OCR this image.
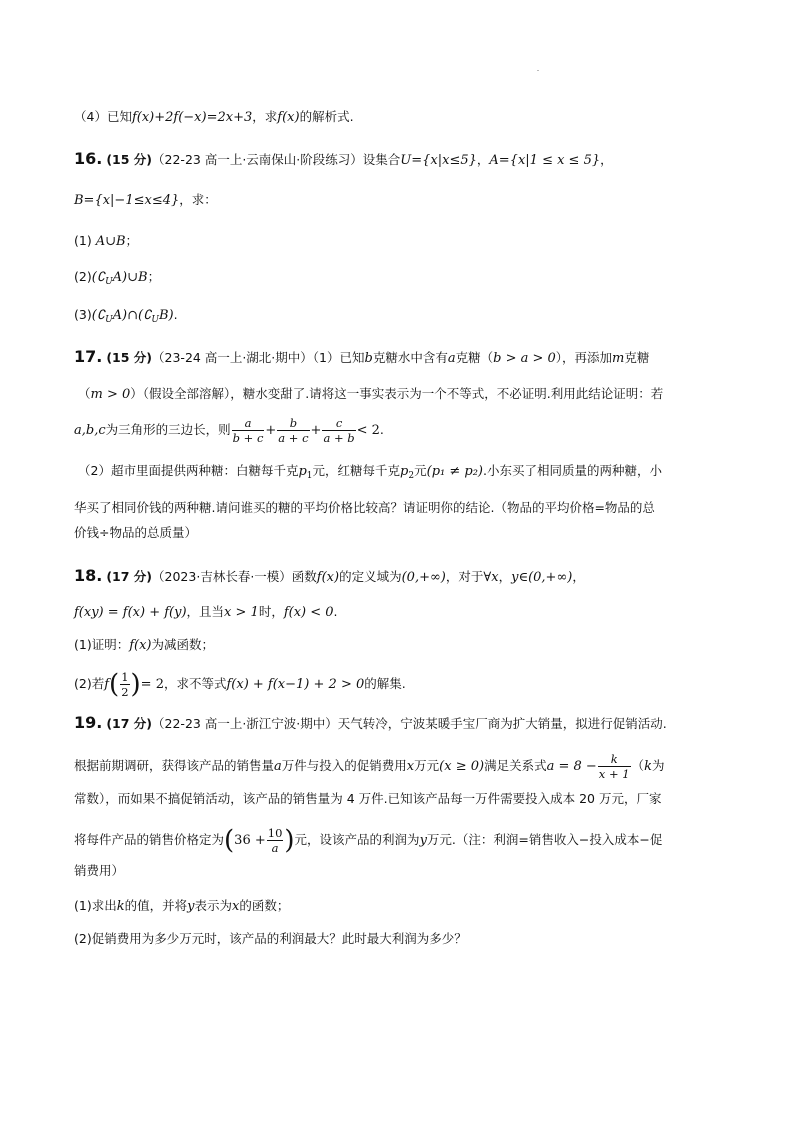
（4）已知f(x)+2f(−x)=2x+3，求f(x)的解析式.
16. (15 分)（22-23 高一上·云南保山·阶段练习）设集合U={x|x≤5}，A={x|1 ≤ x ≤ 5}，
B={x|−1≤x≤4}，求：
(1) A∪B；
$(2)(∁_UA)\cup B$；
$(3)(∁_UA)\cap(∁_UB)$.
17. (15 分)（23-24 高一上·湖北·期中）（1）已知b克糖水中含有a克糖（b > a > 0），再添加m克糖
（m > 0）（假设全部溶解），糖水变甜了.请将这一事实表示为一个不等式，不必证明.利用此结论证明：若
a,b,c为三角形的三边长，则 $\frac{a}{b + c} + \frac{b}{a + c} + \frac{c}{a + b} < 2$.
（2）超市里面提供两种糖：白糖每千克$p_1$元，红糖每千克$p_2$元(p₁ ≠ p₂).小东买了相同质量的两种糖，小
华买了相同价钱的两种糖.请问谁买的糖的平均价格比较高？请证明你的结论.（物品的平均价格=物品的总
价钱÷物品的总质量）
18. (17 分)（2023·吉林长春·一模）函数f(x)的定义域为(0,+∞)，对于∀x，y∈(0,+∞)，
f(xy) = f(x) + f(y)，且当x > 1时，f(x) < 0.
(1)证明：f(x)为减函数；
(2)若$f( \frac{1}{2}$ )= 2，求不等式f(x) + f(x−1) + 2 > 0的解集.
19. (17 分)（22-23 高一上·浙江宁波·期中）天气转冷，宁波某暖手宝厂商为扩大销量，拟进行促销活动.
根据前期调研，获得该产品的销售量a万件与投入的促销费用x万元(x ≥ 0)满足关系式$a = 8 - \frac{k}{x + 1} (k$为
常数），而如果不搞促销活动，该产品的销售量为 4 万件.已知该产品每一万件需要投入成本 20 万元，厂家
将每件产品的销售价格定为($36 + \frac{10}{a}$ )元，设该产品的利润为y万元.（注：利润=销售收入−投入成本−促
销费用）
(1)求出k的值，并将y表示为x的函数；
(2)促销费用为多少万元时，该产品的利润最大？此时最大利润为多少？
